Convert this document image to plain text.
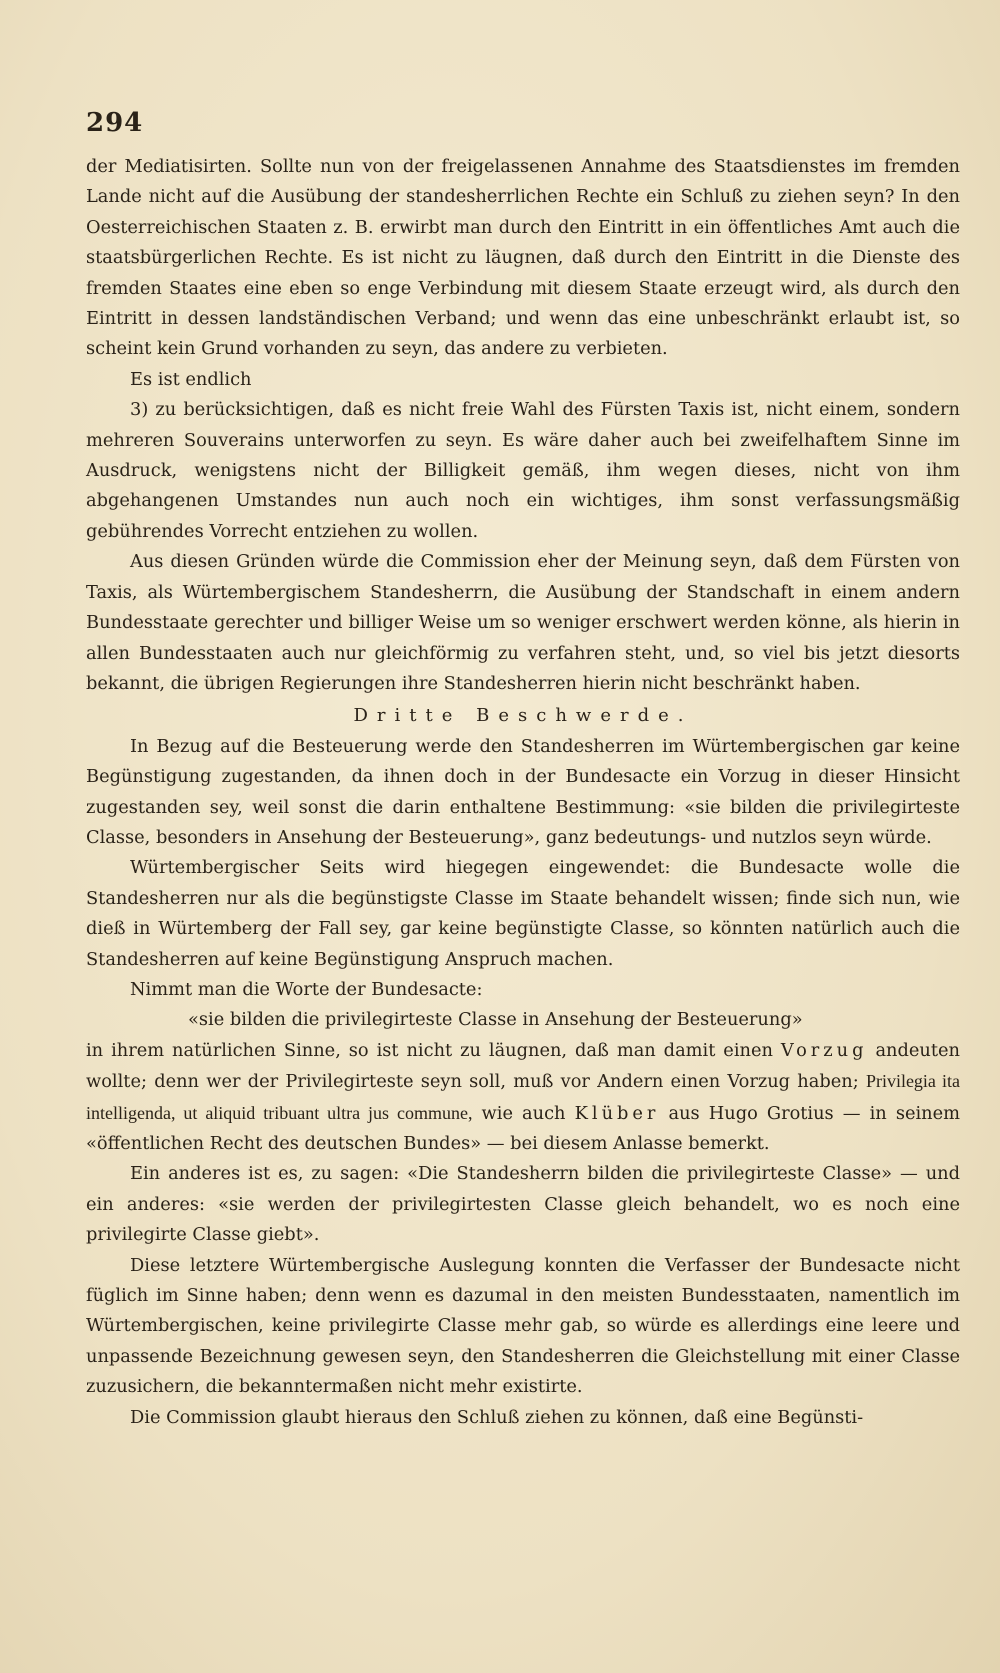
294

der Mediatisirten. Sollte nun von der freigelassenen Annahme des Staatsdienstes im fremden Lande nicht auf die Ausübung der standesherrlichen Rechte ein Schluß zu ziehen seyn? In den Oesterreichischen Staaten z. B. erwirbt man durch den Eintritt in ein öffentliches Amt auch die staatsbürgerlichen Rechte. Es ist nicht zu läugnen, daß durch den Eintritt in die Dienste des fremden Staates eine eben so enge Verbindung mit diesem Staate erzeugt wird, als durch den Eintritt in dessen landständischen Verband; und wenn das eine unbeschränkt erlaubt ist, so scheint kein Grund vorhanden zu seyn, das andere zu verbieten.

Es ist endlich

3) zu berücksichtigen, daß es nicht freie Wahl des Fürsten Taxis ist, nicht einem, sondern mehreren Souverains unterworfen zu seyn. Es wäre daher auch bei zweifelhaftem Sinne im Ausdruck, wenigstens nicht der Billigkeit gemäß, ihm wegen dieses, nicht von ihm abgehangenen Umstandes nun auch noch ein wichtiges, ihm sonst verfassungsmäßig gebührendes Vorrecht entziehen zu wollen.

Aus diesen Gründen würde die Commission eher der Meinung seyn, daß dem Fürsten von Taxis, als Würtembergischem Standesherrn, die Ausübung der Standschaft in einem andern Bundesstaate gerechter und billiger Weise um so weniger erschwert werden könne, als hierin in allen Bundesstaaten auch nur gleichförmig zu verfahren steht, und, so viel bis jetzt diesorts bekannt, die übrigen Regierungen ihre Standesherren hierin nicht beschränkt haben.

Dritte Beschwerde.

In Bezug auf die Besteuerung werde den Standesherren im Würtembergischen gar keine Begünstigung zugestanden, da ihnen doch in der Bundesacte ein Vorzug in dieser Hinsicht zugestanden sey, weil sonst die darin enthaltene Bestimmung: «sie bilden die privilegirteste Classe, besonders in Ansehung der Besteuerung», ganz bedeutungs- und nutzlos seyn würde.

Würtembergischer Seits wird hiegegen eingewendet: die Bundesacte wolle die Standesherren nur als die begünstigste Classe im Staate behandelt wissen; finde sich nun, wie dieß in Würtemberg der Fall sey, gar keine begünstigte Classe, so könnten natürlich auch die Standesherren auf keine Begünstigung Anspruch machen.

Nimmt man die Worte der Bundesacte:

«sie bilden die privilegirteste Classe in Ansehung der Besteuerung»

in ihrem natürlichen Sinne, so ist nicht zu läugnen, daß man damit einen Vorzug andeuten wollte; denn wer der Privilegirteste seyn soll, muß vor Andern einen Vorzug haben; Privilegia ita intelligenda, ut aliquid tribuant ultra jus commune, wie auch Klüber aus Hugo Grotius — in seinem «öffentlichen Recht des deutschen Bundes» — bei diesem Anlasse bemerkt.

Ein anderes ist es, zu sagen: «Die Standesherrn bilden die privilegirteste Classe» — und ein anderes: «sie werden der privilegirtesten Classe gleich behandelt, wo es noch eine privilegirte Classe giebt».

Diese letztere Würtembergische Auslegung konnten die Verfasser der Bundesacte nicht füglich im Sinne haben; denn wenn es dazumal in den meisten Bundesstaaten, namentlich im Würtembergischen, keine privilegirte Classe mehr gab, so würde es allerdings eine leere und unpassende Bezeichnung gewesen seyn, den Standesherren die Gleichstellung mit einer Classe zuzusichern, die bekanntermaßen nicht mehr existirte.

Die Commission glaubt hieraus den Schluß ziehen zu können, daß eine Begünsti-
